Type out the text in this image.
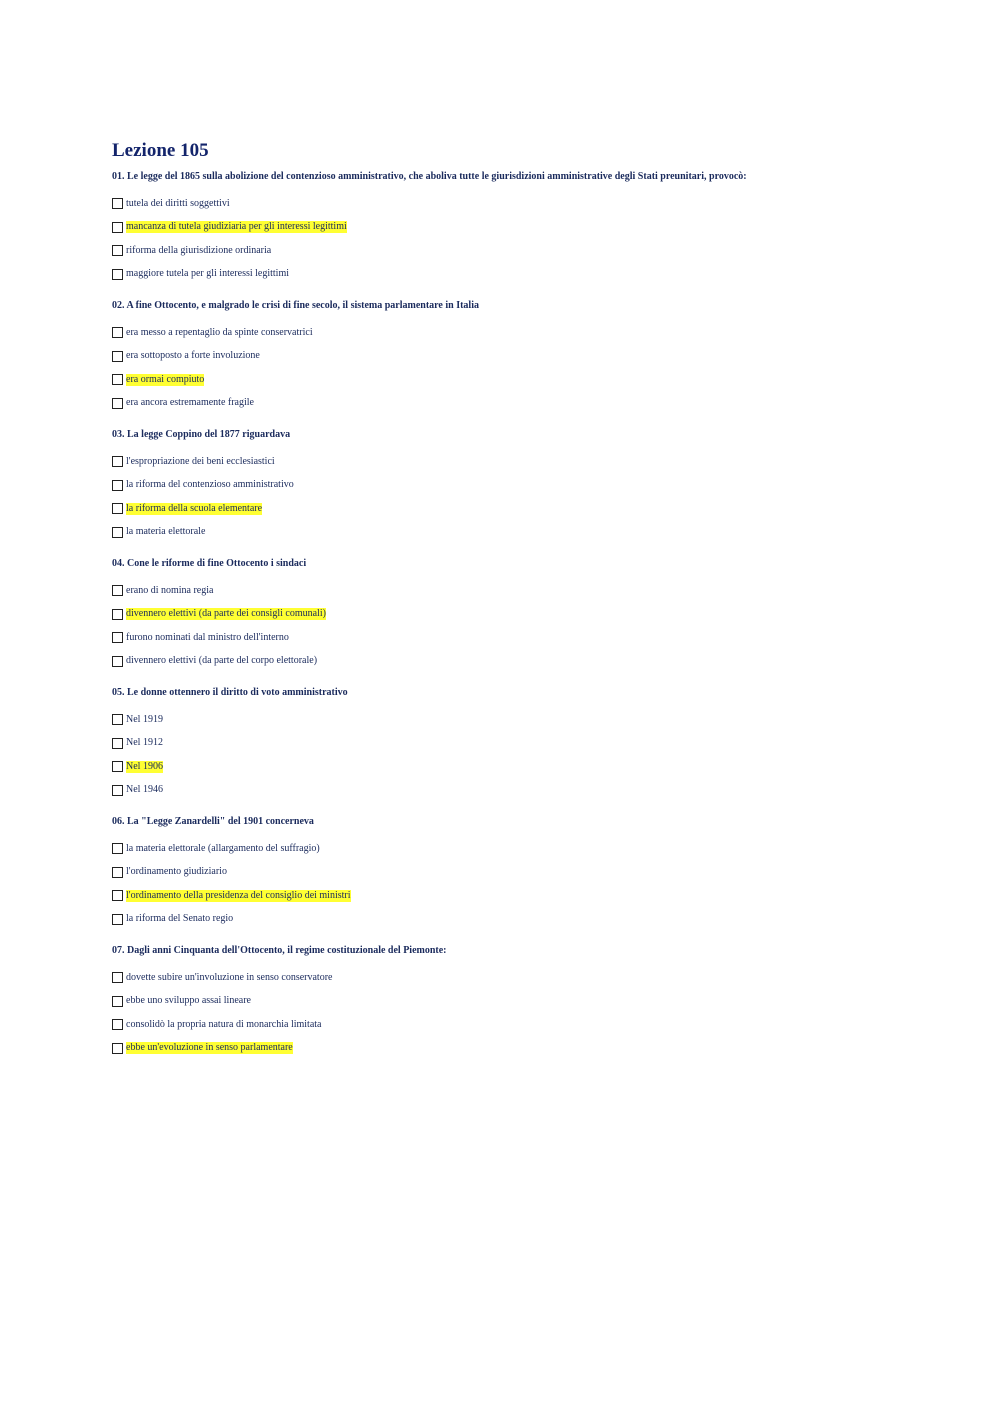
Lezione 105
01. Le legge del 1865 sulla abolizione del contenzioso amministrativo, che aboliva tutte le giurisdizioni amministrative degli Stati preunitari, provocò:
tutela dei diritti soggettivi
mancanza di tutela giudiziaria per gli interessi legittimi
riforma della giurisdizione ordinaria
maggiore tutela per gli interessi legittimi
02. A fine Ottocento, e malgrado le crisi di fine secolo, il sistema parlamentare in Italia
era messo a repentaglio da spinte conservatrici
era sottoposto a forte involuzione
era ormai compiuto
era ancora estremamente fragile
03. La legge Coppino del 1877 riguardava
l'espropriazione dei beni ecclesiastici
la riforma del contenzioso amministrativo
la riforma della scuola elementare
la materia elettorale
04. Cone le riforme di fine Ottocento i sindaci
erano di nomina regia
divennero elettivi (da parte dei consigli comunali)
furono nominati dal ministro dell'interno
divennero elettivi (da parte del corpo elettorale)
05. Le donne ottennero il diritto di voto amministrativo
Nel 1919
Nel 1912
Nel 1906
Nel 1946
06. La "Legge Zanardelli" del 1901 concerneva
la materia elettorale (allargamento del suffragio)
l'ordinamento giudiziario
l'ordinamento della presidenza del consiglio dei ministri
la riforma del Senato regio
07. Dagli anni Cinquanta dell'Ottocento, il regime costituzionale del Piemonte:
dovette subire un'involuzione in senso conservatore
ebbe uno sviluppo assai lineare
consolidò la propria natura di monarchia limitata
ebbe un'evoluzione in senso parlamentare
